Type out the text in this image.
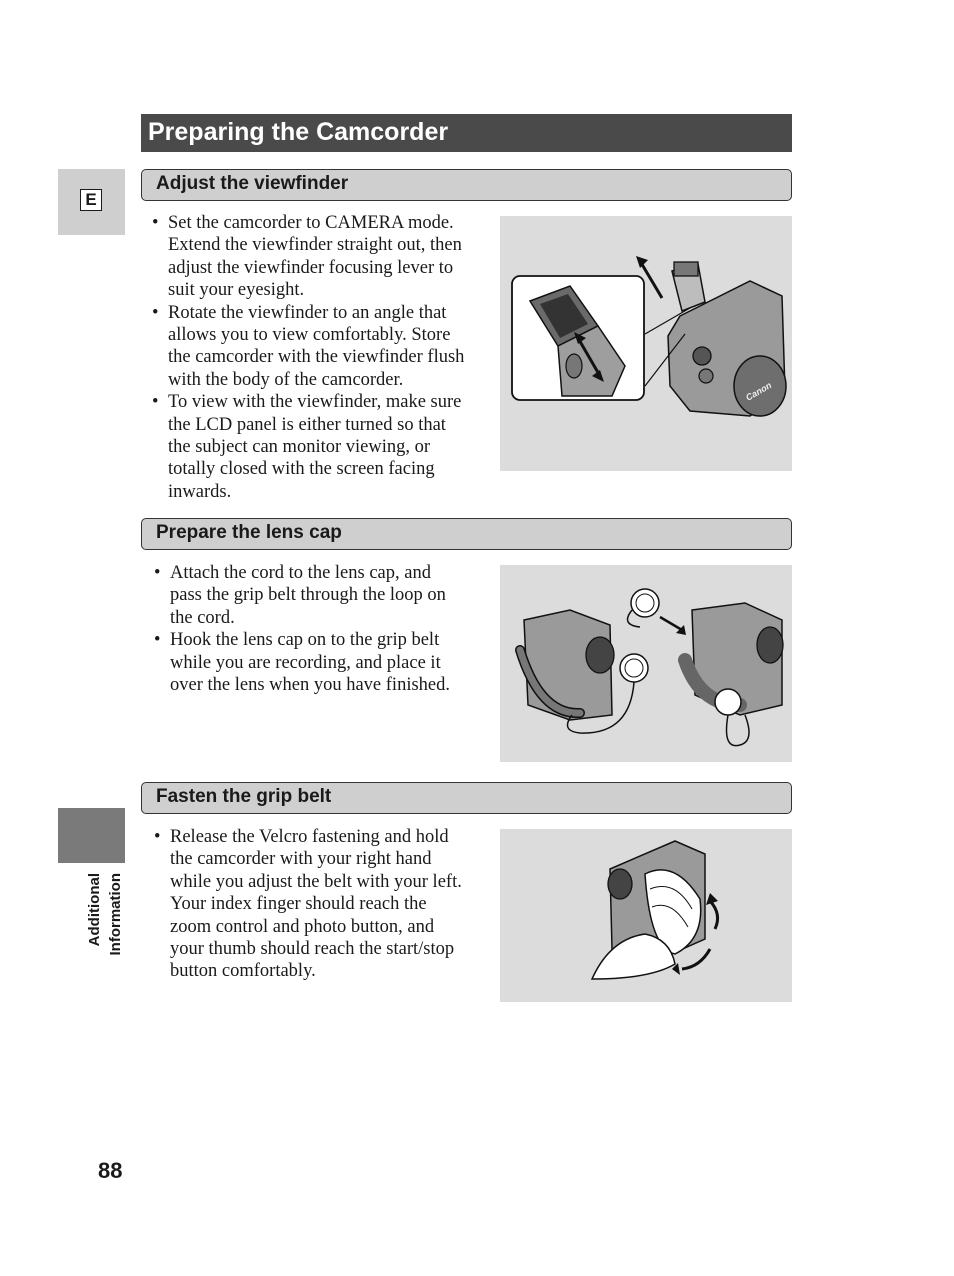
Preparing the Camcorder
E
Adjust the viewfinder
• Set the camcorder to CAMERA mode.
Extend the viewfinder straight out, then
adjust the viewfinder focusing lever to
suit your eyesight.
• Rotate the viewfinder to an angle that
allows you to view comfortably. Store
the camcorder with the viewfinder flush
with the body of the camcorder.
• To view with the viewfinder, make sure
the LCD panel is either turned so that
the subject can monitor viewing, or
totally closed with the screen facing
inwards.
Canon
Prepare the lens cap
• Attach the cord to the lens cap, and
pass the grip belt through the loop on
the cord.
• Hook the lens cap on to the grip belt
while you are recording, and place it
over the lens when you have finished.
Fasten the grip belt
• Release the Velcro fastening and hold
the camcorder with your right hand
while you adjust the belt with your left.
Your index finger should reach the
zoom control and photo button, and
your thumb should reach the start/stop
button comfortably.
Additional Information
88
